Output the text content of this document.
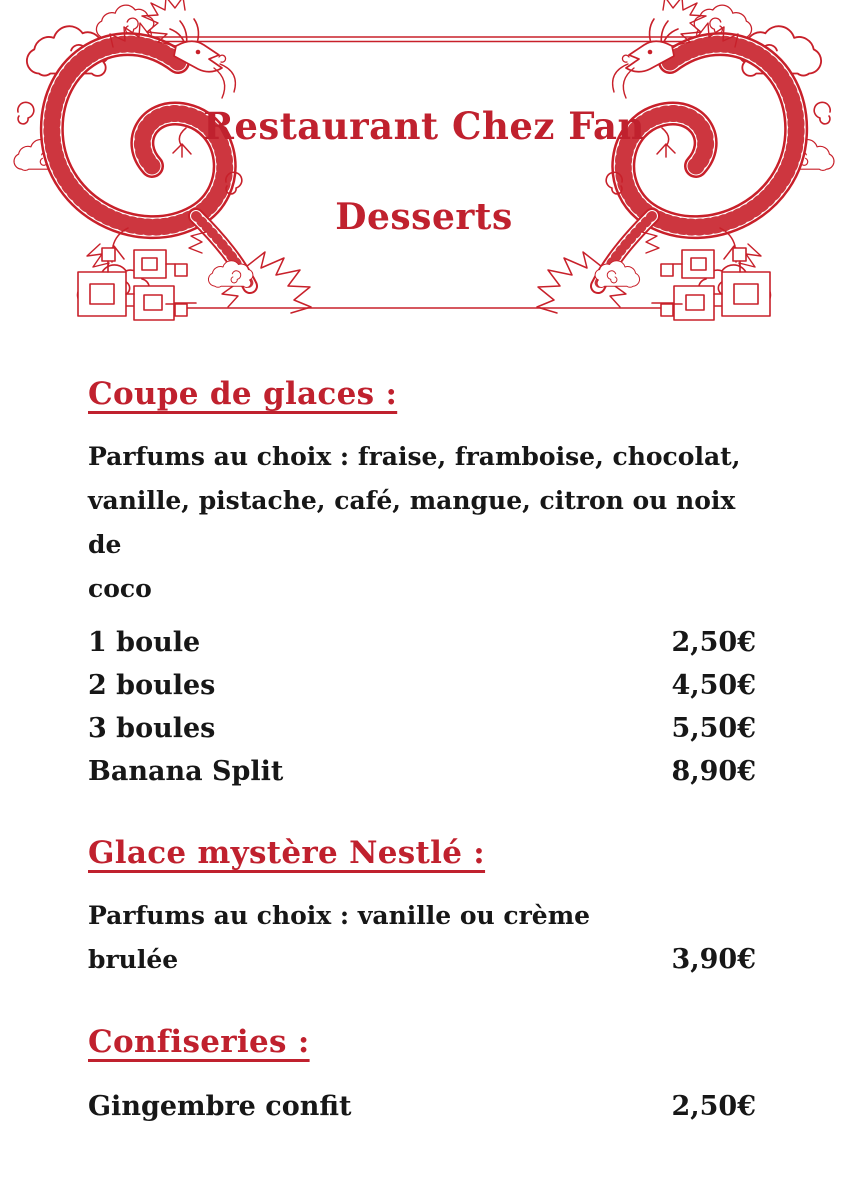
Restaurant Chez Fan
Desserts
Coupe de glaces :
Parfums au choix : fraise, framboise, chocolat,
vanille, pistache, café, mangue, citron ou noix de
coco
1 boule	2,50€
2 boules	4,50€
3 boules	5,50€
Banana Split	8,90€
Glace mystère Nestlé :
Parfums au choix : vanille ou crème
brulée	3,90€
Confiseries :
Gingembre confit	2,50€
